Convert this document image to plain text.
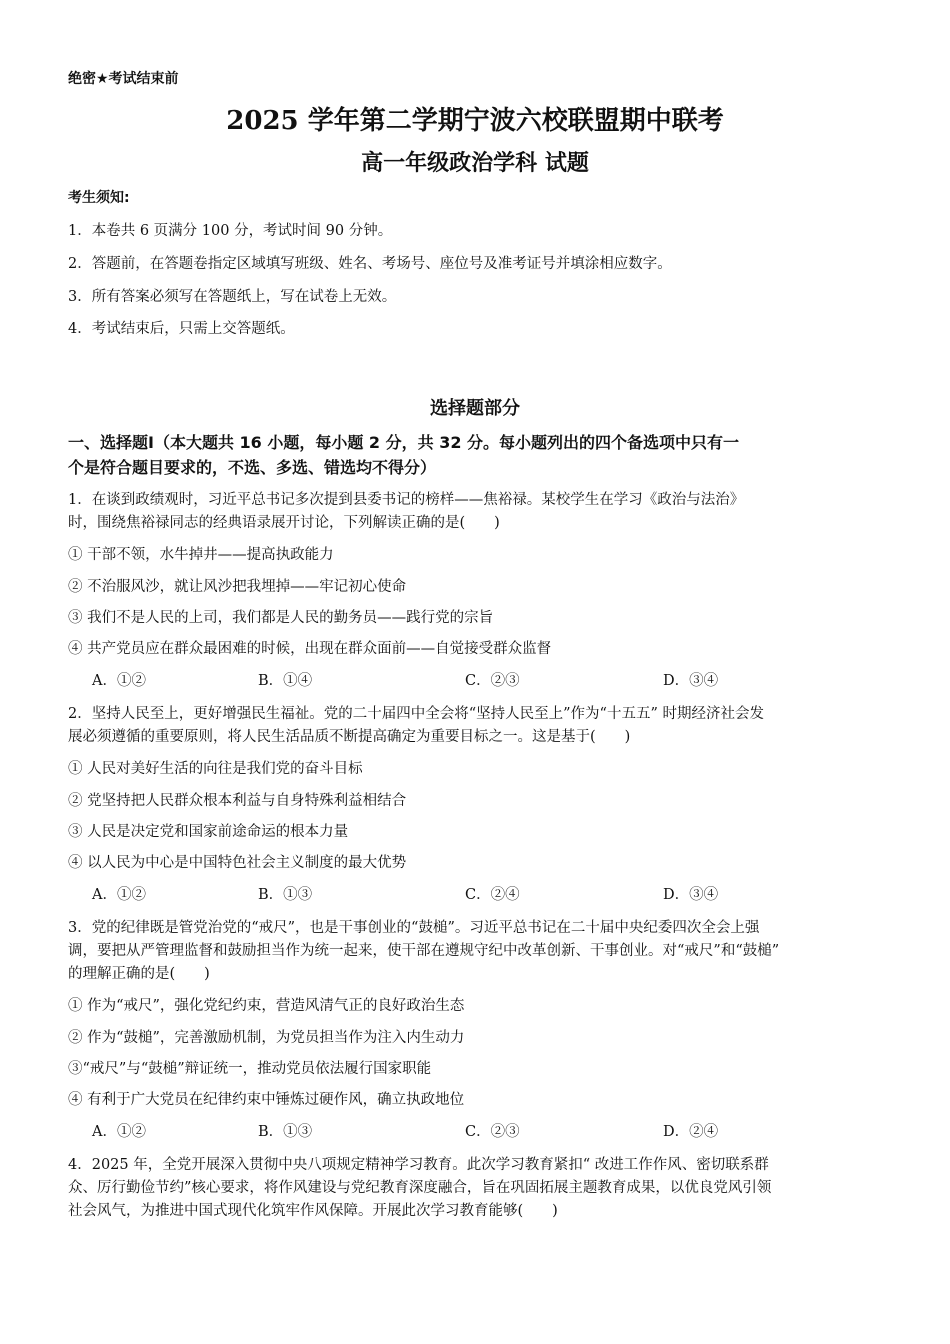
绝密★考试结束前
2025 学年第二学期宁波六校联盟期中联考
高一年级政治学科 试题
考生须知:
1．本卷共 6 页满分 100 分，考试时间 90 分钟。
2．答题前，在答题卷指定区域填写班级、姓名、考场号、座位号及准考证号并填涂相应数字。
3．所有答案必须写在答题纸上，写在试卷上无效。
4．考试结束后，只需上交答题纸。
选择题部分
一、选择题Ⅰ（本大题共 16 小题，每小题 2 分，共 32 分。每小题列出的四个备选项中只有一
个是符合题目要求的，不选、多选、错选均不得分）
1．在谈到政绩观时，习近平总书记多次提到县委书记的榜样——焦裕禄。某校学生在学习《政治与法治》
时，围绕焦裕禄同志的经典语录展开讨论，下列解读正确的是(　　)
① 干部不领，水牛掉井——提高执政能力
② 不治服风沙，就让风沙把我埋掉——牢记初心使命
③ 我们不是人民的上司，我们都是人民的勤务员——践行党的宗旨
④ 共产党员应在群众最困难的时候，出现在群众面前——自觉接受群众监督
A．①②	B．①④	C．②③	D．③④
2．坚持人民至上，更好增强民生福祉。党的二十届四中全会将“坚持人民至上”作为“十五五” 时期经济社会发
展必须遵循的重要原则，将人民生活品质不断提高确定为重要目标之一。这是基于(　　)
① 人民对美好生活的向往是我们党的奋斗目标
② 党坚持把人民群众根本利益与自身特殊利益相结合
③ 人民是决定党和国家前途命运的根本力量
④ 以人民为中心是中国特色社会主义制度的最大优势
A．①②	B．①③	C．②④	D．③④
3．党的纪律既是管党治党的“戒尺”，也是干事创业的“鼓槌”。习近平总书记在二十届中央纪委四次全会上强
调，要把从严管理监督和鼓励担当作为统一起来，使干部在遵规守纪中改革创新、干事创业。对“戒尺”和“鼓槌”
的理解正确的是(　　)
① 作为“戒尺”，强化党纪约束，营造风清气正的良好政治生态
② 作为“鼓槌”，完善激励机制，为党员担当作为注入内生动力
③“戒尺”与“鼓槌”辩证统一，推动党员依法履行国家职能
④ 有利于广大党员在纪律约束中锤炼过硬作风，确立执政地位
A．①②	B．①③	C．②③	D．②④
4．2025 年，全党开展深入贯彻中央八项规定精神学习教育。此次学习教育紧扣“ 改进工作作风、密切联系群
众、厉行勤俭节约”核心要求，将作风建设与党纪教育深度融合，旨在巩固拓展主题教育成果，以优良党风引领
社会风气，为推进中国式现代化筑牢作风保障。开展此次学习教育能够(　　)
